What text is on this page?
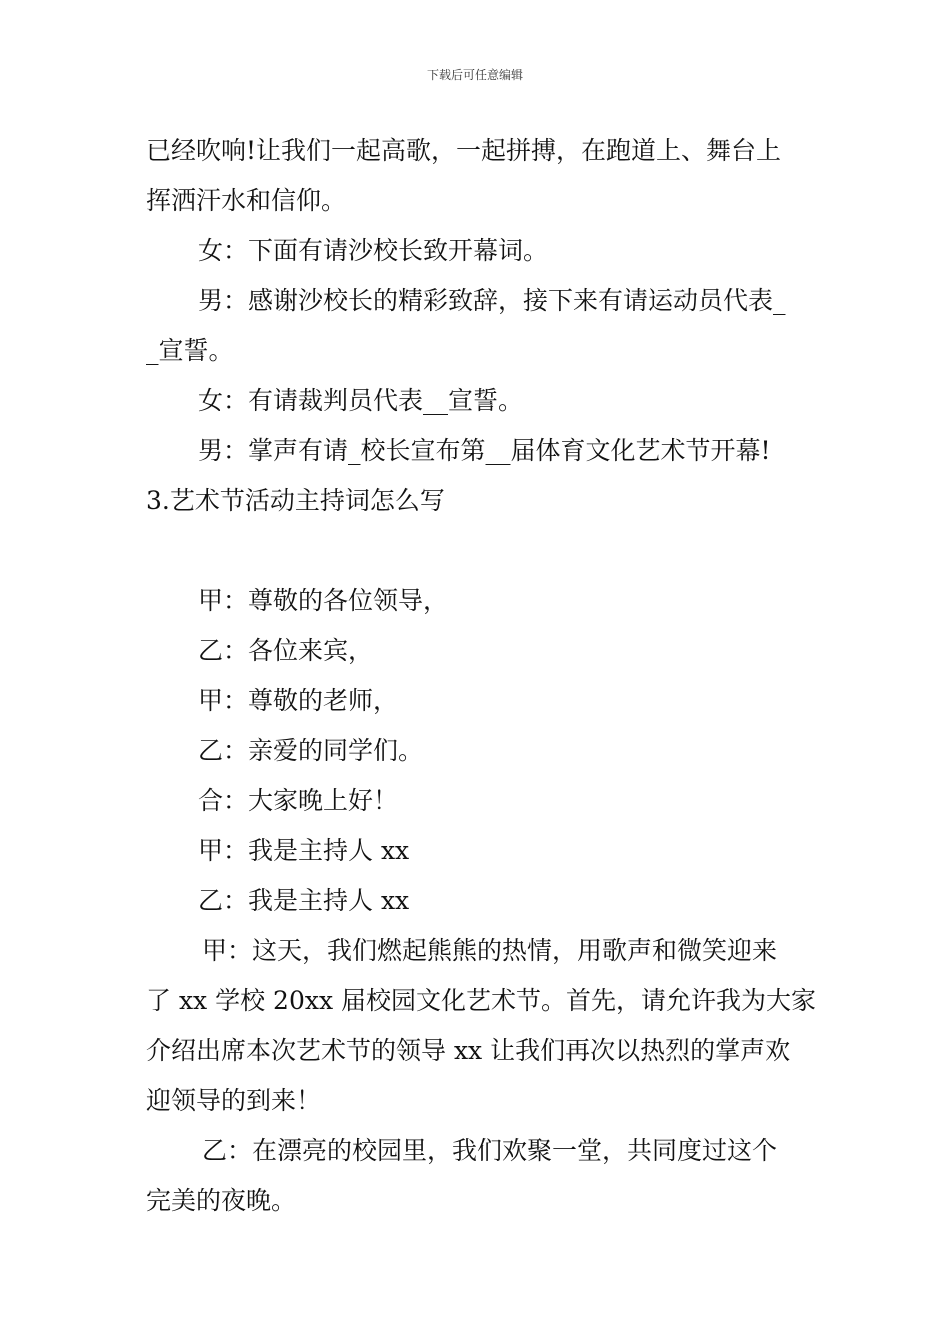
下载后可任意编辑
已经吹响!让我们一起高歌，一起拼搏，在跑道上、舞台上
挥洒汗水和信仰。
女：下面有请沙校长致开幕词。
男：感谢沙校长的精彩致辞，接下来有请运动员代表_
_宣誓。
女：有请裁判员代表__宣誓。
男：掌声有请_校长宣布第__届体育文化艺术节开幕!
3.艺术节活动主持词怎么写
甲：尊敬的各位领导，
乙：各位来宾，
甲：尊敬的老师，
乙：亲爱的同学们。
合：大家晚上好！
甲：我是主持人 xx
乙：我是主持人 xx
甲：这天，我们燃起熊熊的热情，用歌声和微笑迎来
了 xx 学校 20xx 届校园文化艺术节。首先，请允许我为大家
介绍出席本次艺术节的领导 xx 让我们再次以热烈的掌声欢
迎领导的到来！
乙：在漂亮的校园里，我们欢聚一堂，共同度过这个
完美的夜晚。
